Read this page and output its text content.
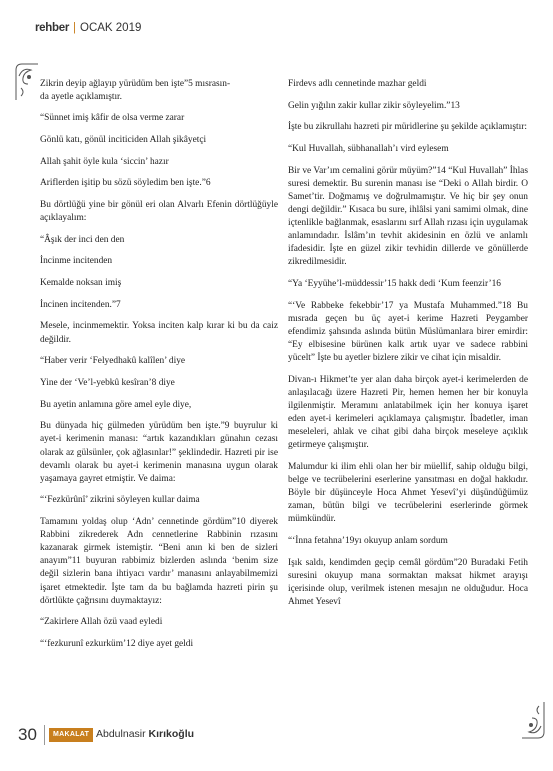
rehber | OCAK 2019

Zikrin deyip ağlayıp yürüdüm ben işte”5 mısrasın-
da ayetle açıklamıştır.

“Sünnet imiş kâfir de olsa verme zarar

Gönlü katı, gönül inciticiden Allah şikâyetçi

Allah şahit öyle kula ‘siccin’ hazır

Ariflerden işitip bu sözü söyledim ben işte.”6

Bu dörtlüğü yine bir gönül eri olan Alvarlı Efenin dörtlüğüyle açıklayalım:

“Âşık der inci den den

İncinme incitenden

Kemalde noksan imiş

İncinen incitenden.”7

Mesele, incinmemektir. Yoksa inciten kalp kırar ki bu da caiz değildir.

“Haber verir ‘Felyedhakû kalîlen’ diye

Yine der ‘Ve’l-yebkû kesîran’8 diye

Bu ayetin anlamına göre amel eyle diye,

Bu dünyada hiç gülmeden yürüdüm ben işte.”9 buyrulur ki ayet-i kerimenin manası: “artık kazandıkları günahın cezası olarak az gülsünler, çok ağlasınlar!” şeklindedir. Hazreti pir ise devamlı olarak bu ayet-i kerimenin manasına uygun olarak yaşamaya gayret etmiştir. Ve daima:

“‘Fezkürûnî’ zikrini söyleyen kullar daima

Tamamını yoldaş olup ‘Adn’ cennetinde gördüm”10 diyerek Rabbini zikrederek Adn cennetlerine Rabbinin rızasını kazanarak girmek istemiştir. “Beni anın ki ben de sizleri anayım”11 buyuran rabbimiz bizlerden aslında ‘benim size değil sizlerin bana ihtiyacı vardır’ manasını anlayabilmemizi işaret etmektedir. İşte tam da bu bağlamda hazreti pirin şu dörtlükte çağrısını duymaktayız:

“Zakirlere Allah özü vaad eyledi

“‘fezkurunî ezkurküm’12 diye ayet geldi

Firdevs adlı cennetinde mazhar geldi

Gelin yığılın zakir kullar zikir söyleyelim.”13

İşte bu zikrullahı hazreti pir müridlerine şu şekilde açıklamıştır:

“Kul Huvallah, sübhanallah’ı vird eylesem

Bir ve Var’ım cemalini görür müyüm?”14 “Kul Huvallah” İhlas suresi demektir. Bu surenin manası ise “Deki o Allah birdir. O Samet’tir. Doğmamış ve doğrulmamıştır. Ve hiç bir şey onun dengi değildir.” Kısaca bu sure, ihlâlsi yani samimi olmak, dine içtenlikle bağlanmak, esaslarını sırf Allah rızası için uygulamak anlamındadır. İslâm’ın tevhit akidesinin en özlü ve anlamlı ifadesidir. İşte en güzel zikir tevhidin dillerde ve gönüllerde zikredilmesidir.

“Ya ‘Eyyühe’l-müddessir’15 hakk dedi ‘Kum feenzir’16

“‘Ve Rabbeke fekebbir’17 ya Mustafa Muhammed.”18 Bu mısrada geçen bu üç ayet-i kerime Hazreti Peygamber efendimiz şahsında aslında bütün Müslümanlara birer emirdir: “Ey elbisesine bürünen kalk artık uyar ve sadece rabbini yücelt” İşte bu ayetler bizlere zikir ve cihat için misaldir.

Divan-ı Hikmet’te yer alan daha birçok ayet-i kerimelerden de anlaşılacağı üzere Hazreti Pir, hemen hemen her bir konuyla ilgilenmiştir. Meramını anlatabilmek için her konuya işaret eden ayet-i kerimeleri açıklamaya çalışmıştır. İbadetler, iman meseleleri, ahlak ve cihat gibi daha birçok meseleye açıklık getirmeye çalışmıştır.

Malumdur ki ilim ehli olan her bir müellif, sahip olduğu bilgi, belge ve tecrübelerini eserlerine yansıtması en doğal hakkıdır. Böyle bir düşünceyle Hoca Ahmet Yesevî’yi düşündüğümüz zaman, bütün bilgi ve tecrübelerini eserlerinde görmek mümkündür.

“‘İnna fetahna’19yı okuyup anlam sordum

Işık saldı, kendimden geçip cemâl gördüm”20 Buradaki Fetih suresini okuyup mana sormaktan maksat hikmet arayışı içerisinde olup, verilmek istenen mesajın ne olduğudur. Hoca Ahmet Yesevî

30	MAKALAT Abdulnasir Kırıkoğlu
